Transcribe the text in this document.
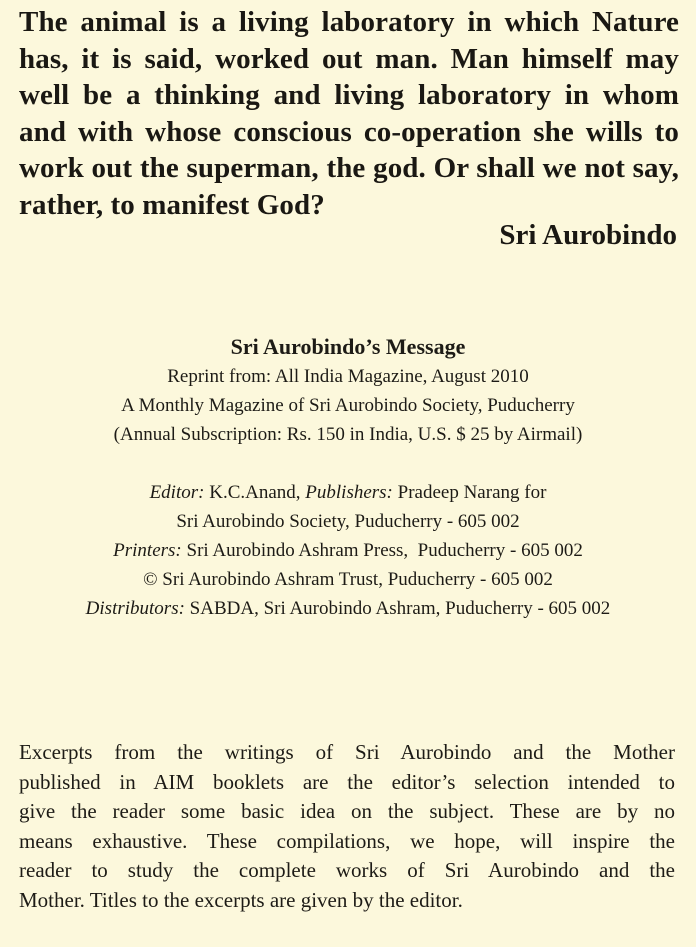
The animal is a living laboratory in which Nature
has, it is said, worked out man. Man himself may
well be a thinking and living laboratory in whom
and with whose conscious co-operation she wills to
work out the superman, the god. Or shall we not say,
rather, to manifest God?
Sri Aurobindo
Sri Aurobindo’s Message
Reprint from: All India Magazine, August 2010
A Monthly Magazine of Sri Aurobindo Society, Puducherry
(Annual Subscription: Rs. 150 in India, U.S. $ 25 by Airmail)
Editor: K.C.Anand, Publishers: Pradeep Narang for
Sri Aurobindo Society, Puducherry - 605 002
Printers: Sri Aurobindo Ashram Press,  Puducherry - 605 002
© Sri Aurobindo Ashram Trust, Puducherry - 605 002
Distributors: SABDA, Sri Aurobindo Ashram, Puducherry - 605 002
Excerpts from the writings of Sri Aurobindo and the Mother
published in AIM booklets are the editor’s selection intended to
give the reader some basic idea on the subject. These are by no
means exhaustive. These compilations, we hope, will inspire the
reader to study the complete works of Sri Aurobindo and the
Mother. Titles to the excerpts are given by the editor.
